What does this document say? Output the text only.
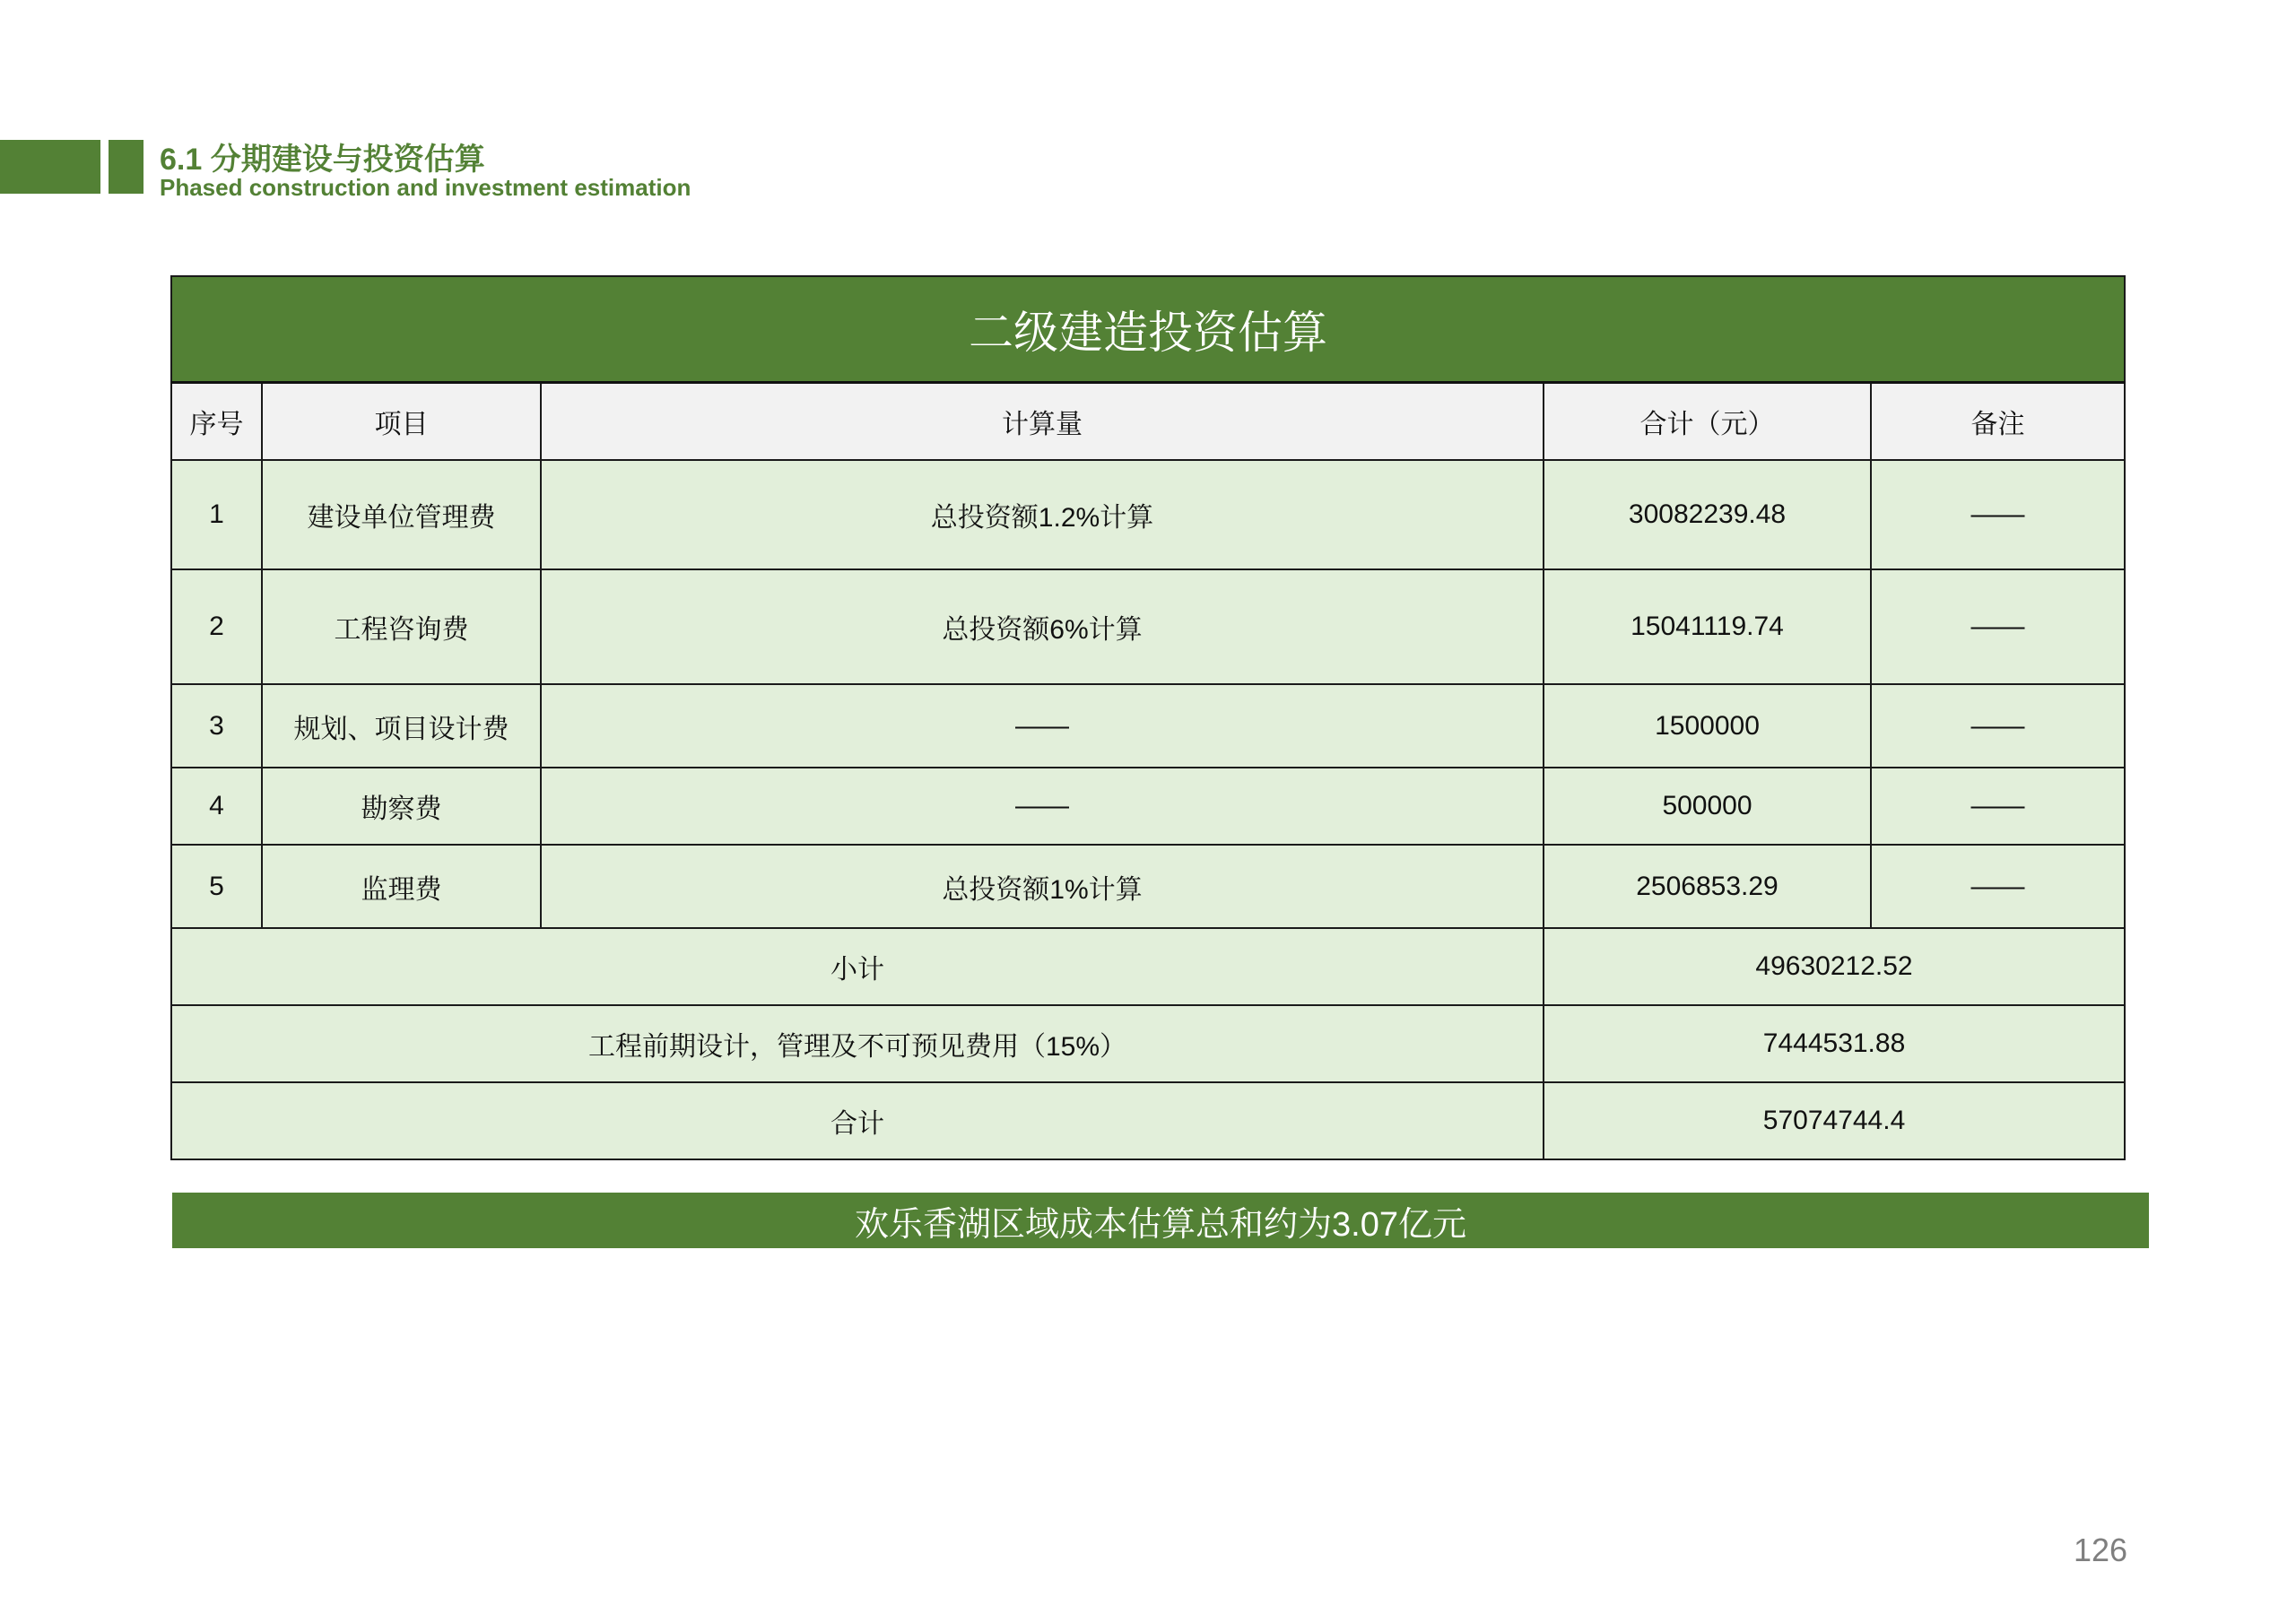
6.1 分期建设与投资估算
Phased construction and investment estimation
二级建造投资估算				
序号	项目	计算量	合计（元）	备注
1	建设单位管理费	总投资额1.2%计算	30082239.48	——
2	工程咨询费	总投资额6%计算	15041119.74	——
3	规划、项目设计费	——	1500000	——
4	勘察费	——	500000	——
5	监理费	总投资额1%计算	2506853.29	——
小计			49630212.52	
工程前期设计，管理及不可预见费用（15%）			7444531.88	
合计			57074744.4	
欢乐香湖区域成本估算总和约为3.07亿元
126
